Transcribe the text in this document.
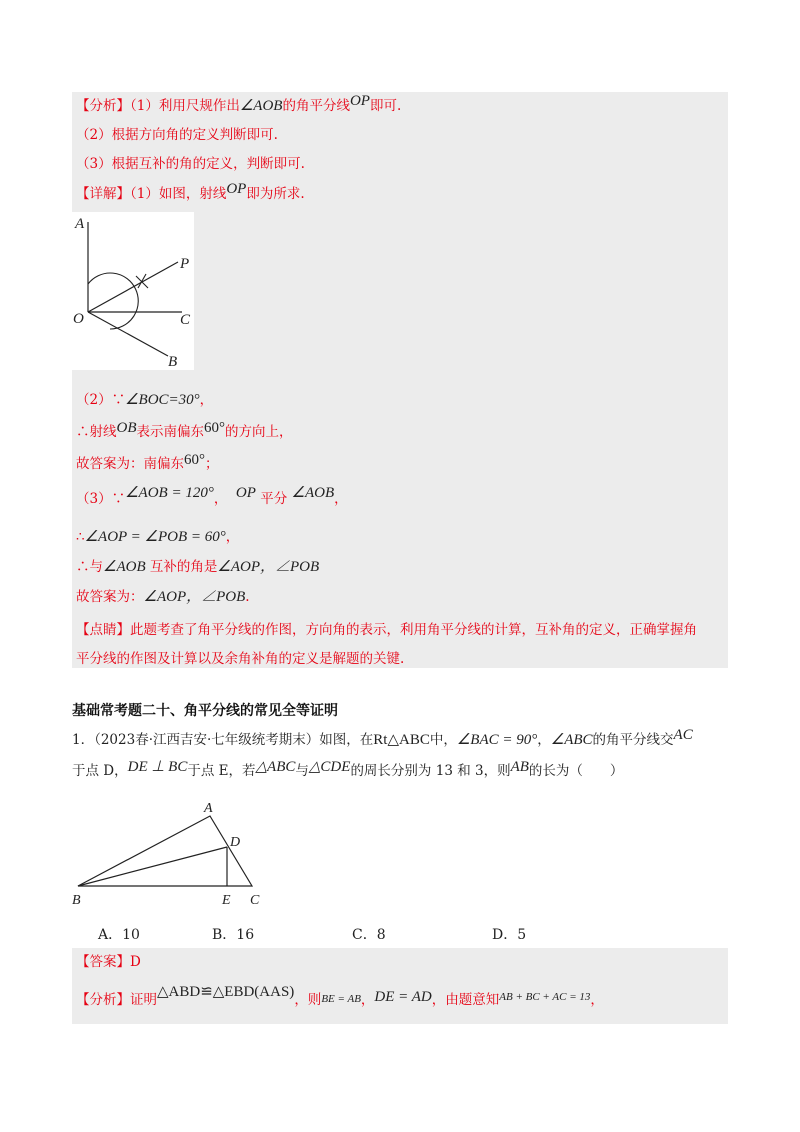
【分析】（1）利用尺规作出∠AOB的角平分线OP即可.
（2）根据方向角的定义判断即可.
（3）根据互补的角的定义，判断即可.
【详解】（1）如图，射线OP即为所求.
A
P
O	C
B
（2）∵∠BOC=30°，
∴射线OB表示南偏东60°的方向上，
故答案为：南偏东60°；
（3）∵∠AOB = 120°， OP 平分 ∠AOB，
∴∠AOP = ∠POB = 60°，
∴与∠AOB 互补的角是∠AOP，∠POB
故答案为：∠AOP，∠POB.
【点睛】此题考查了角平分线的作图，方向角的表示，利用角平分线的计算，互补角的定义，正确掌握角
平分线的作图及计算以及余角补角的定义是解题的关键.
基础常考题二十、角平分线的常见全等证明
1．（2023春·江西吉安·七年级统考期末）如图，在Rt△ABC中，∠BAC = 90°，∠ABC的角平分线交AC
于点 D，DE ⊥ BC于点 E，若△ABC与△CDE的周长分别为 13 和 3，则AB的长为（　　）
A
D
B	E C
A．10	B．16	C．8	D．5
【答案】D
【分析】证明△ABD≌△EBD(AAS)，则BE = AB，DE = AD，由题意知$^{AB + BC + AC = 13}$，
